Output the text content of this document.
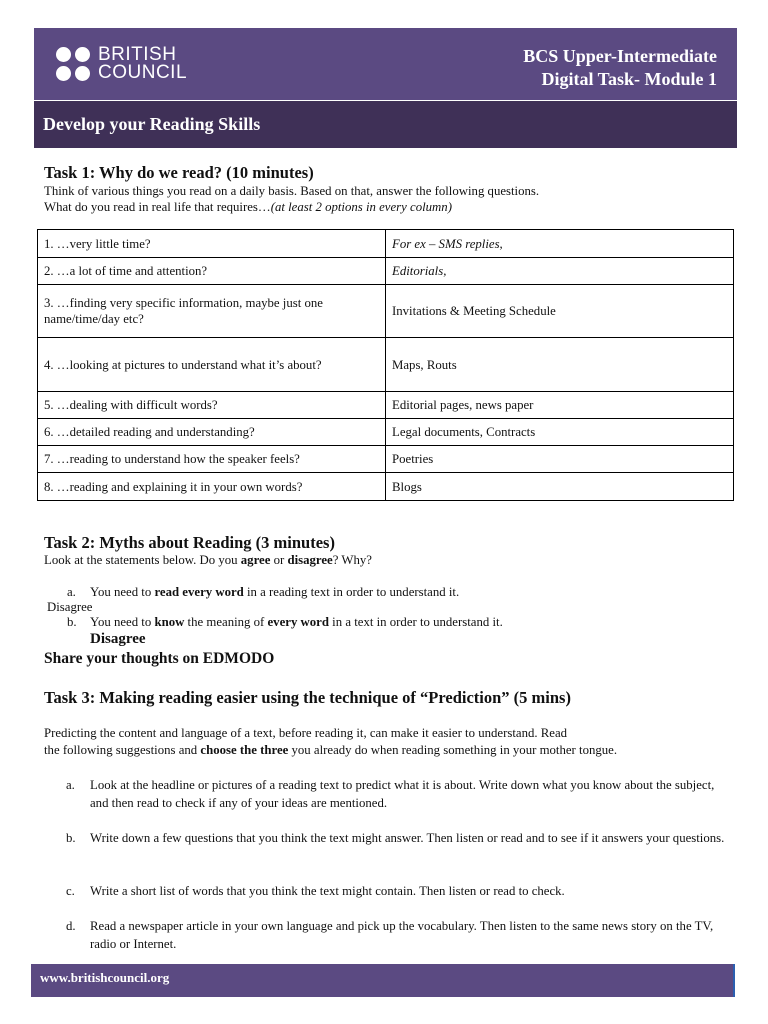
BRITISH
COUNCIL
BCS Upper-Intermediate
Digital Task- Module 1
Develop your Reading Skills
Task 1: Why do we read? (10 minutes)
Think of various things you read on a daily basis. Based on that, answer the following questions.
What do you read in real life that requires…(at least 2 options in every column)
1. …very little time?	For ex – SMS replies,
2. …a lot of time and attention?	Editorials,
3. …finding very specific information, maybe just one name/time/day etc?	Invitations & Meeting Schedule
4. …looking at pictures to understand what it’s about?	Maps, Routs
5. …dealing with difficult words?	Editorial pages, news paper
6. …detailed reading and understanding?	Legal documents, Contracts
7. …reading to understand how the speaker feels?	Poetries
8. …reading and explaining it in your own words?	Blogs
Task 2: Myths about Reading (3 minutes)
Look at the statements below. Do you agree or disagree? Why?
a. You need to read every word in a reading text in order to understand it.
Disagree
b. You need to know the meaning of every word in a text in order to understand it.
Disagree
Share your thoughts on EDMODO
Task 3: Making reading easier using the technique of “Prediction” (5 mins)
Predicting the content and language of a text, before reading it, can make it easier to understand. Read
the following suggestions and choose the three you already do when reading something in your mother tongue.
a. Look at the headline or pictures of a reading text to predict what it is about. Write down what you know about the subject, and then read to check if any of your ideas are mentioned.
b. Write down a few questions that you think the text might answer. Then listen or read and to see if it answers your questions.
c. Write a short list of words that you think the text might contain. Then listen or read to check.
d. Read a newspaper article in your own language and pick up the vocabulary. Then listen to the same news story on the TV, radio or Internet.
www.britishcouncil.org
